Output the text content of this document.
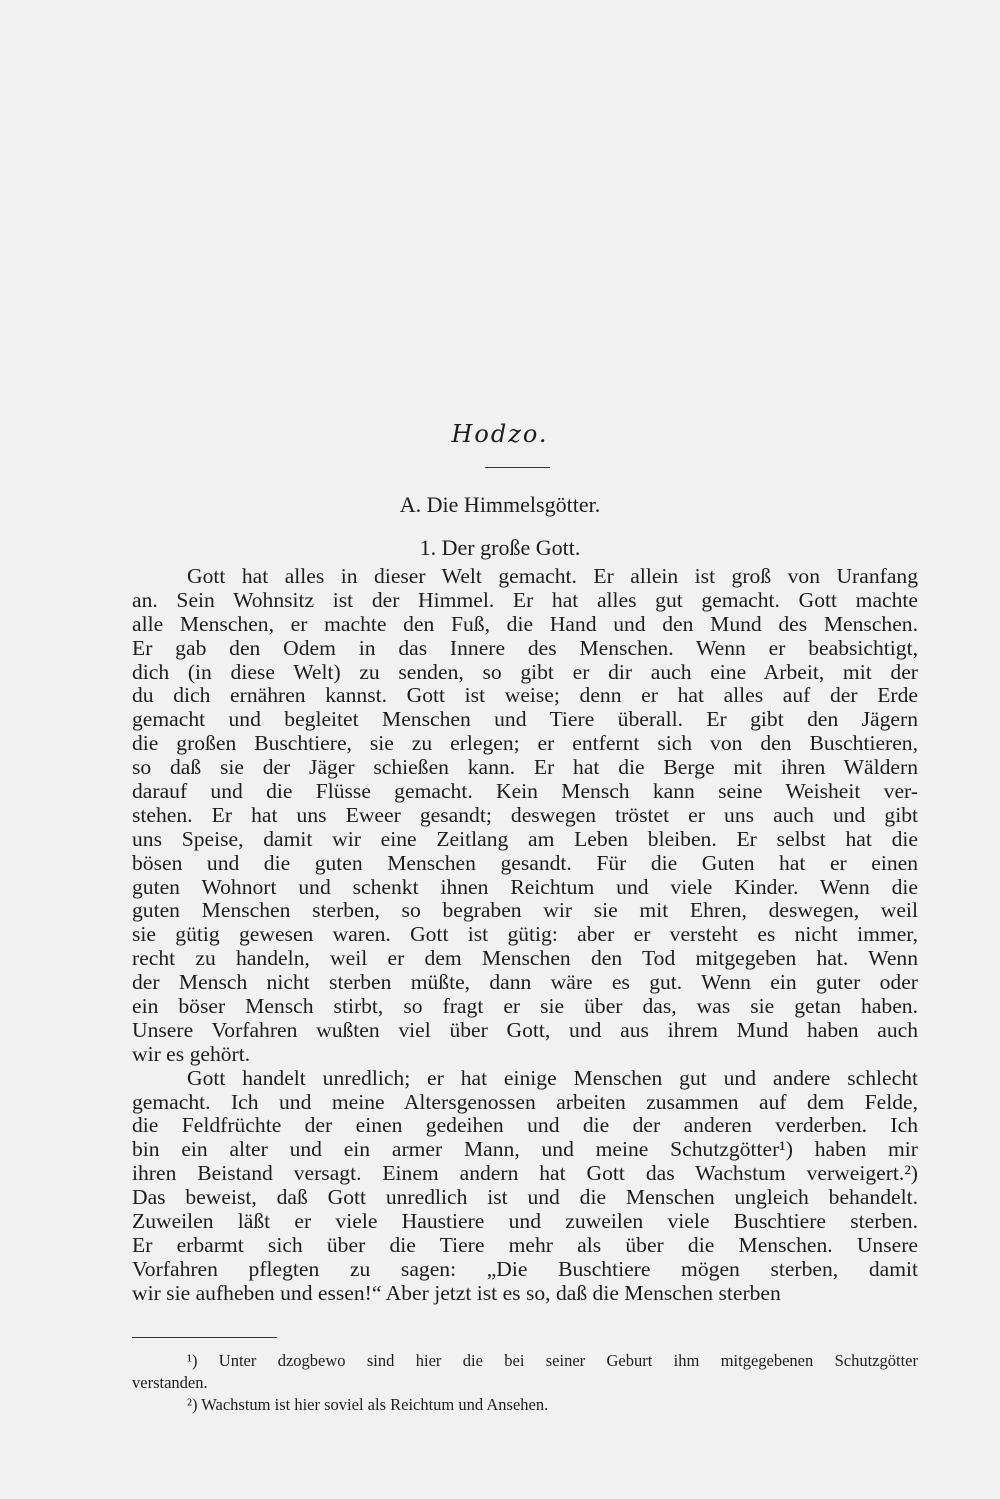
Hodzo.
A. Die Himmelsgötter.
1. Der große Gott.
Gott hat alles in dieser Welt gemacht. Er allein ist groß von Uranfang
an. Sein Wohnsitz ist der Himmel. Er hat alles gut gemacht. Gott machte
alle Menschen, er machte den Fuß, die Hand und den Mund des Menschen.
Er gab den Odem in das Innere des Menschen. Wenn er beabsichtigt,
dich (in diese Welt) zu senden, so gibt er dir auch eine Arbeit, mit der
du dich ernähren kannst. Gott ist weise; denn er hat alles auf der Erde
gemacht und begleitet Menschen und Tiere überall. Er gibt den Jägern
die großen Buschtiere, sie zu erlegen; er entfernt sich von den Buschtieren,
so daß sie der Jäger schießen kann. Er hat die Berge mit ihren Wäldern
darauf und die Flüsse gemacht. Kein Mensch kann seine Weisheit ver-
stehen. Er hat uns Eweer gesandt; deswegen tröstet er uns auch und gibt
uns Speise, damit wir eine Zeitlang am Leben bleiben. Er selbst hat die
bösen und die guten Menschen gesandt. Für die Guten hat er einen
guten Wohnort und schenkt ihnen Reichtum und viele Kinder. Wenn die
guten Menschen sterben, so begraben wir sie mit Ehren, deswegen, weil
sie gütig gewesen waren. Gott ist gütig: aber er versteht es nicht immer,
recht zu handeln, weil er dem Menschen den Tod mitgegeben hat. Wenn
der Mensch nicht sterben müßte, dann wäre es gut. Wenn ein guter oder
ein böser Mensch stirbt, so fragt er sie über das, was sie getan haben.
Unsere Vorfahren wußten viel über Gott, und aus ihrem Mund haben auch
wir es gehört.
Gott handelt unredlich; er hat einige Menschen gut und andere schlecht
gemacht. Ich und meine Altersgenossen arbeiten zusammen auf dem Felde,
die Feldfrüchte der einen gedeihen und die der anderen verderben. Ich
bin ein alter und ein armer Mann, und meine Schutzgötter¹) haben mir
ihren Beistand versagt. Einem andern hat Gott das Wachstum verweigert.²)
Das beweist, daß Gott unredlich ist und die Menschen ungleich behandelt.
Zuweilen läßt er viele Haustiere und zuweilen viele Buschtiere sterben.
Er erbarmt sich über die Tiere mehr als über die Menschen. Unsere
Vorfahren pflegten zu sagen: „Die Buschtiere mögen sterben, damit
wir sie aufheben und essen!“ Aber jetzt ist es so, daß die Menschen sterben
¹) Unter dzogbewo sind hier die bei seiner Geburt ihm mitgegebenen Schutzgötter
verstanden.
²) Wachstum ist hier soviel als Reichtum und Ansehen.
